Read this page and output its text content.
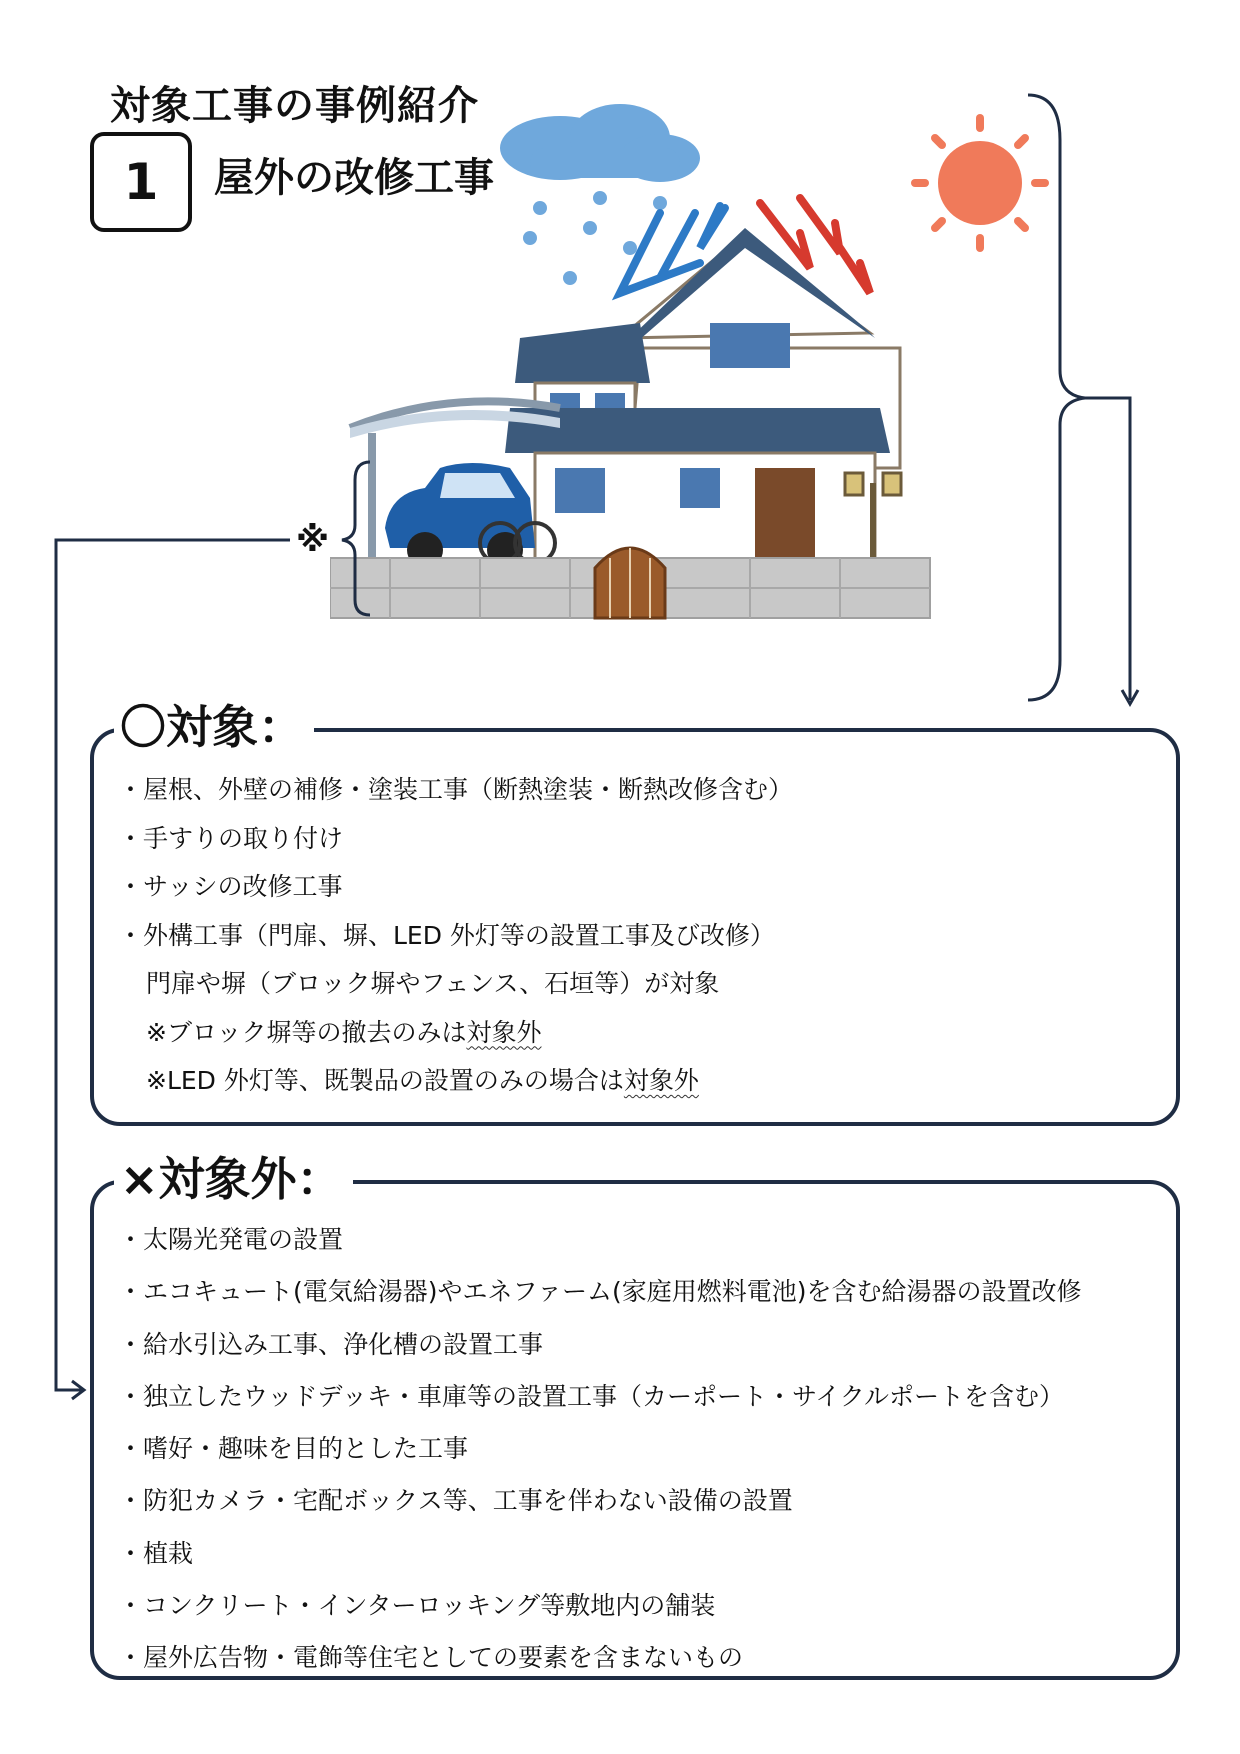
対象工事の事例紹介
1	屋外の改修工事
※
〇対象：
・屋根、外壁の補修・塗装工事（断熱塗装・断熱改修含む）
・手すりの取り付け
・サッシの改修工事
・外構工事（門扉、塀、LED 外灯等の設置工事及び改修）
門扉や塀（ブロック塀やフェンス、石垣等）が対象
※ブロック塀等の撤去のみは対象外
※LED 外灯等、既製品の設置のみの場合は対象外
×対象外：
・太陽光発電の設置
・エコキュート(電気給湯器)やエネファーム(家庭用燃料電池)を含む給湯器の設置改修
・給水引込み工事、浄化槽の設置工事
・独立したウッドデッキ・車庫等の設置工事（カーポート・サイクルポートを含む）
・嗜好・趣味を目的とした工事
・防犯カメラ・宅配ボックス等、工事を伴わない設備の設置
・植栽
・コンクリート・インターロッキング等敷地内の舗装
・屋外広告物・電飾等住宅としての要素を含まないもの
